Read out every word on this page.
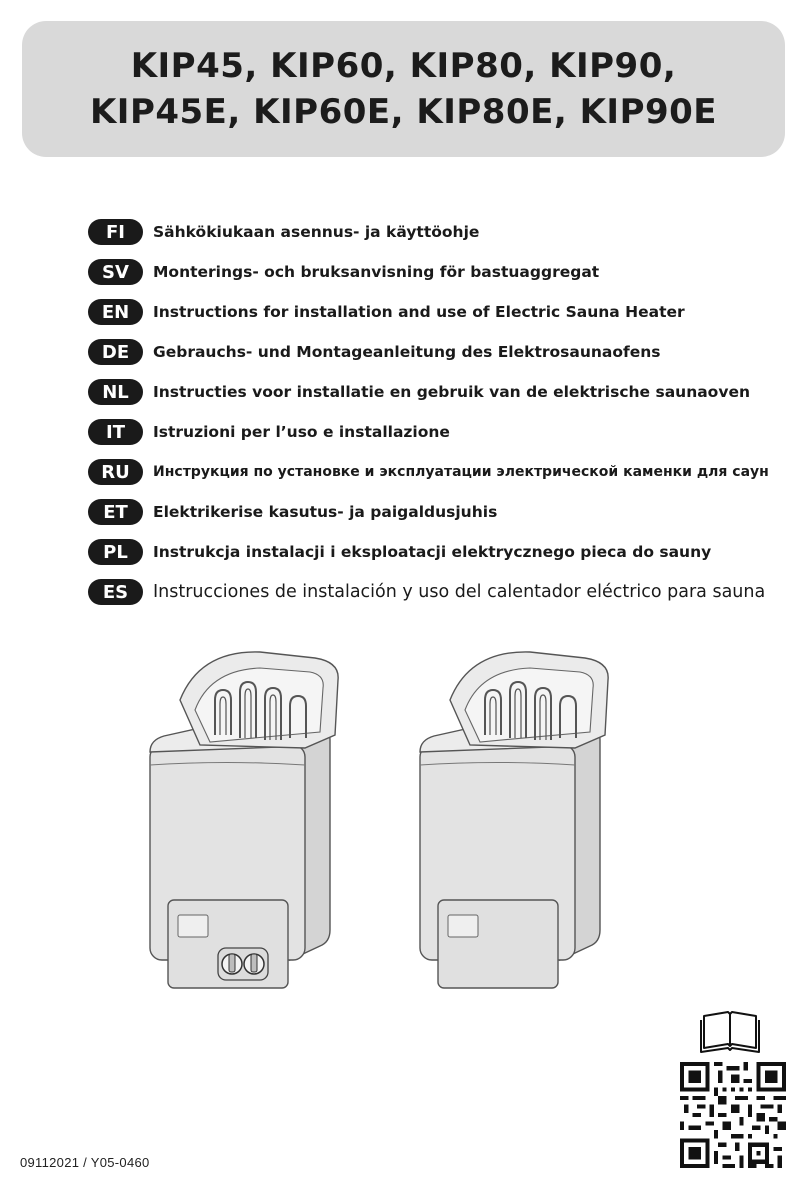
KIP45, KIP60, KIP80, KIP90,
KIP45E, KIP60E, KIP80E, KIP90E
FI	Sähkökiukaan asennus- ja käyttöohje
SV	Monterings- och bruksanvisning för bastuaggregat
EN	Instructions for installation and use of Electric Sauna Heater
DE	Gebrauchs- und Montageanleitung des Elektrosaunaofens
NL	Instructies voor installatie en gebruik van de elektrische saunaoven
IT	Istruzioni per l’uso e installazione
RU	Инструкция по установке и эксплуатации электрической каменки для саун
ET	Elektrikerise kasutus- ja paigaldusjuhis
PL	Instrukcja instalacji i eksploatacji elektrycznego pieca do sauny
ES	Instrucciones de instalación y uso del calentador eléctrico para sauna
09112021 / Y05-0460
